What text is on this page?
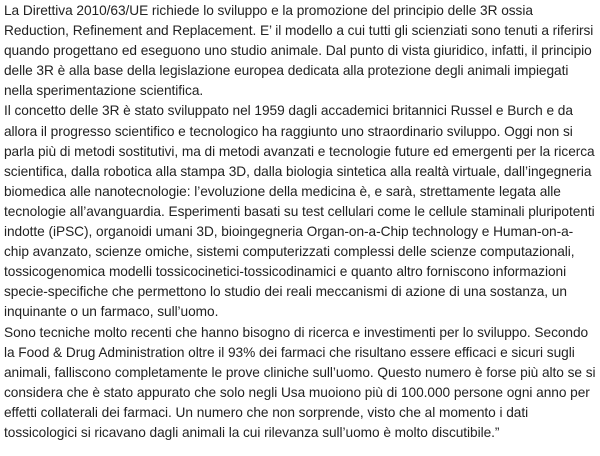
La Direttiva 2010/63/UE richiede lo sviluppo e la promozione del principio delle 3R ossia Reduction, Refinement and Replacement. E’ il modello a cui tutti gli scienziati sono tenuti a riferirsi quando progettano ed eseguono uno studio animale. Dal punto di vista giuridico, infatti, il principio delle 3R è alla base della legislazione europea dedicata alla protezione degli animali impiegati nella sperimentazione scientifica.

Il concetto delle 3R è stato sviluppato nel 1959 dagli accademici britannici Russel e Burch e da allora il progresso scientifico e tecnologico ha raggiunto uno straordinario sviluppo. Oggi non si parla più di metodi sostitutivi, ma di metodi avanzati e tecnologie future ed emergenti per la ricerca scientifica, dalla robotica alla stampa 3D, dalla biologia sintetica alla realtà virtuale, dall’ingegneria biomedica alle nanotecnologie: l’evoluzione della medicina è, e sarà, strettamente legata alle tecnologie all’avanguardia. Esperimenti basati su test cellulari come le cellule staminali pluripotenti indotte (iPSC), organoidi umani 3D, bioingegneria Organ-on-a-Chip technology e Human-on-a-chip avanzato, scienze omiche, sistemi computerizzati complessi delle scienze computazionali, tossicogenomica modelli tossicocinetici-tossicodinamici e quanto altro forniscono informazioni specie-specifiche che permettono lo studio dei reali meccanismi di azione di una sostanza, un inquinante o un farmaco, sull’uomo.

Sono tecniche molto recenti che hanno bisogno di ricerca e investimenti per lo sviluppo. Secondo la Food & Drug Administration oltre il 93% dei farmaci che risultano essere efficaci e sicuri sugli animali, falliscono completamente le prove cliniche sull’uomo. Questo numero è forse più alto se si considera che è stato appurato che solo negli Usa muoiono più di 100.000 persone ogni anno per effetti collaterali dei farmaci. Un numero che non sorprende, visto che al momento i dati tossicologici si ricavano dagli animali la cui rilevanza sull’uomo è molto discutibile.”
